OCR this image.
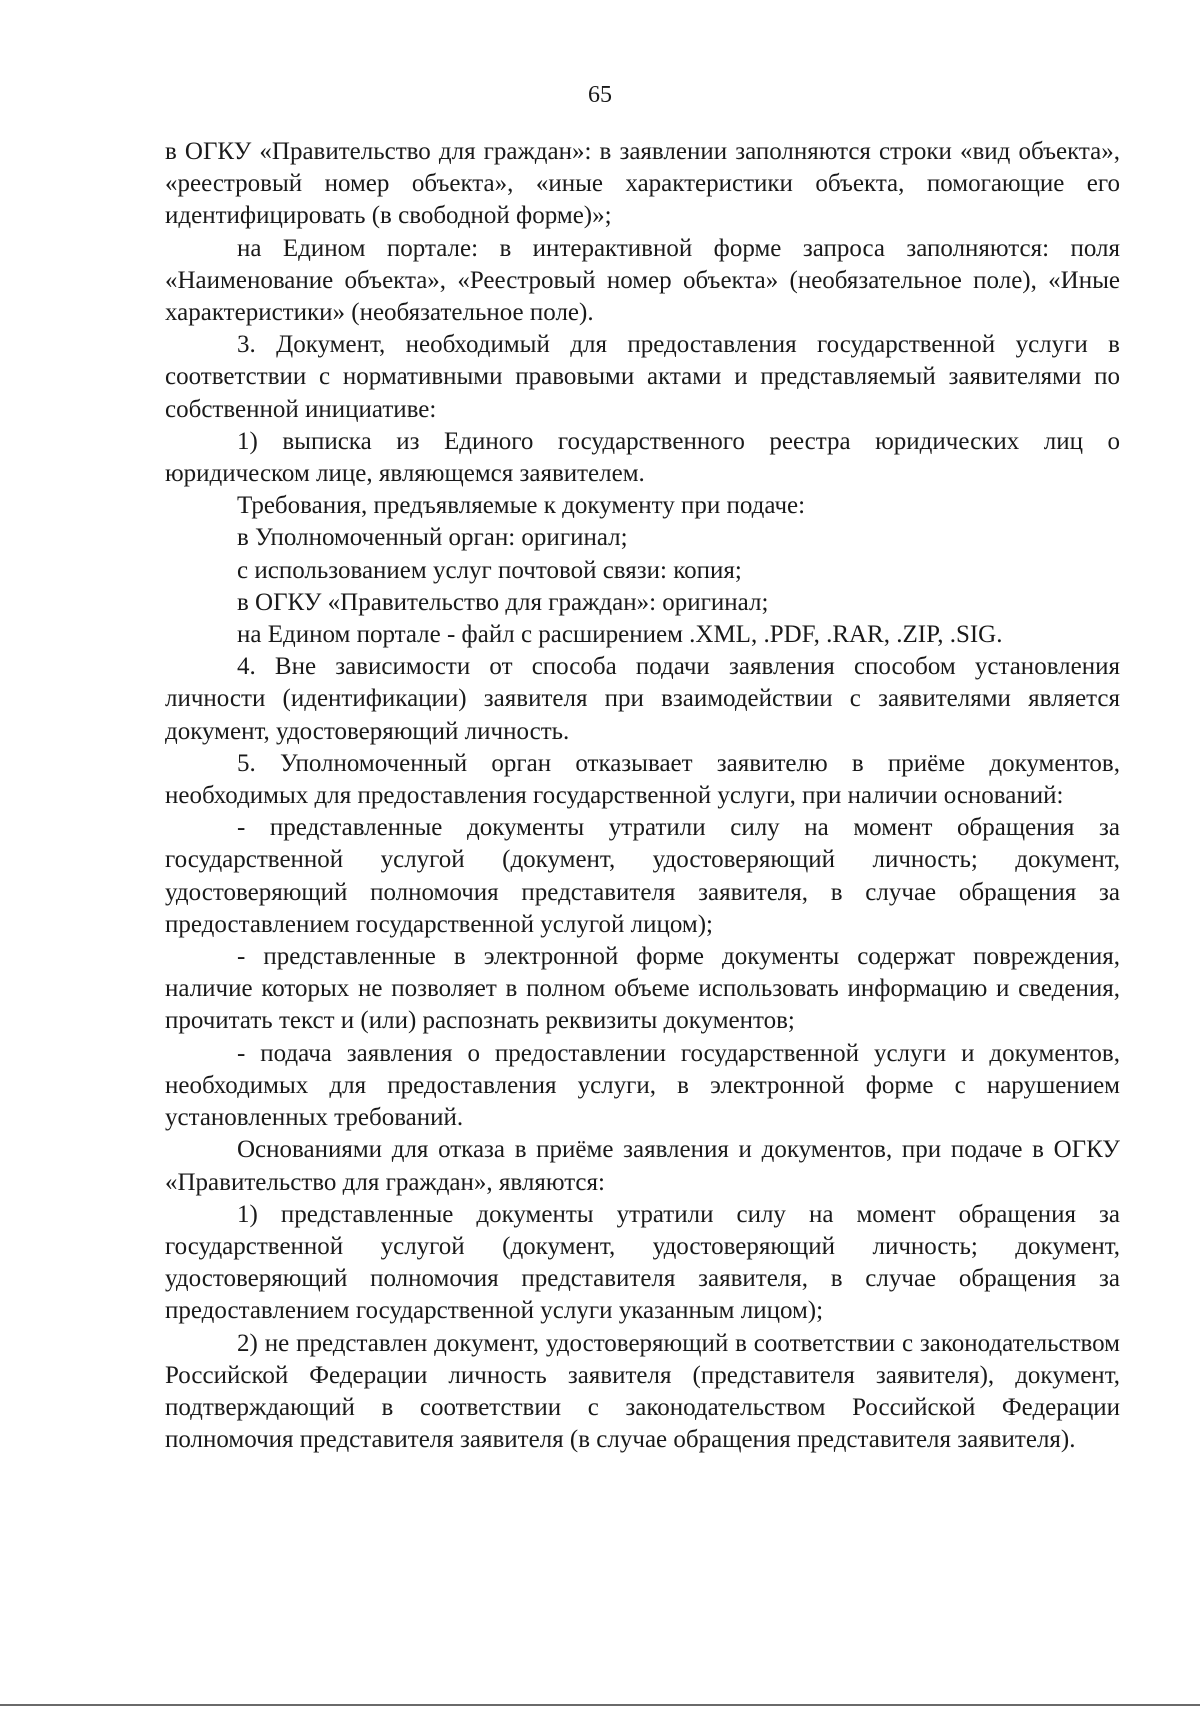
65

в ОГКУ «Правительство для граждан»: в заявлении заполняются строки «вид объекта», «реестровый номер объекта», «иные характеристики объекта, помогающие его идентифицировать (в свободной форме)»;

на Едином портале: в интерактивной форме запроса заполняются: поля «Наименование объекта», «Реестровый номер объекта» (необязательное поле), «Иные характеристики» (необязательное поле).

3. Документ, необходимый для предоставления государственной услуги в соответствии с нормативными правовыми актами и представляемый заявителями по собственной инициативе:

1) выписка из Единого государственного реестра юридических лиц о юридическом лице, являющемся заявителем.

Требования, предъявляемые к документу при подаче:

в Уполномоченный орган: оригинал;

с использованием услуг почтовой связи: копия;

в ОГКУ «Правительство для граждан»: оригинал;

на Едином портале - файл с расширением .XML, .PDF, .RAR, .ZIP, .SIG.

4. Вне зависимости от способа подачи заявления способом установления личности (идентификации) заявителя при взаимодействии с заявителями является документ, удостоверяющий личность.

5. Уполномоченный орган отказывает заявителю в приёме документов, необходимых для предоставления государственной услуги, при наличии оснований:

- представленные документы утратили силу на момент обращения за государственной услугой (документ, удостоверяющий личность; документ, удостоверяющий полномочия представителя заявителя, в случае обращения за предоставлением государственной услугой лицом);

- представленные в электронной форме документы содержат повреждения, наличие которых не позволяет в полном объеме использовать информацию и сведения, прочитать текст и (или) распознать реквизиты документов;

- подача заявления о предоставлении государственной услуги и документов, необходимых для предоставления услуги, в электронной форме с нарушением установленных требований.

Основаниями для отказа в приёме заявления и документов, при подаче в ОГКУ «Правительство для граждан», являются:

1) представленные документы утратили силу на момент обращения за государственной услугой (документ, удостоверяющий личность; документ, удостоверяющий полномочия представителя заявителя, в случае обращения за предоставлением государственной услуги указанным лицом);

2) не представлен документ, удостоверяющий в соответствии с законодательством Российской Федерации личность заявителя (представителя заявителя), документ, подтверждающий в соответствии с законодательством Российской Федерации полномочия представителя заявителя (в случае обращения представителя заявителя).
